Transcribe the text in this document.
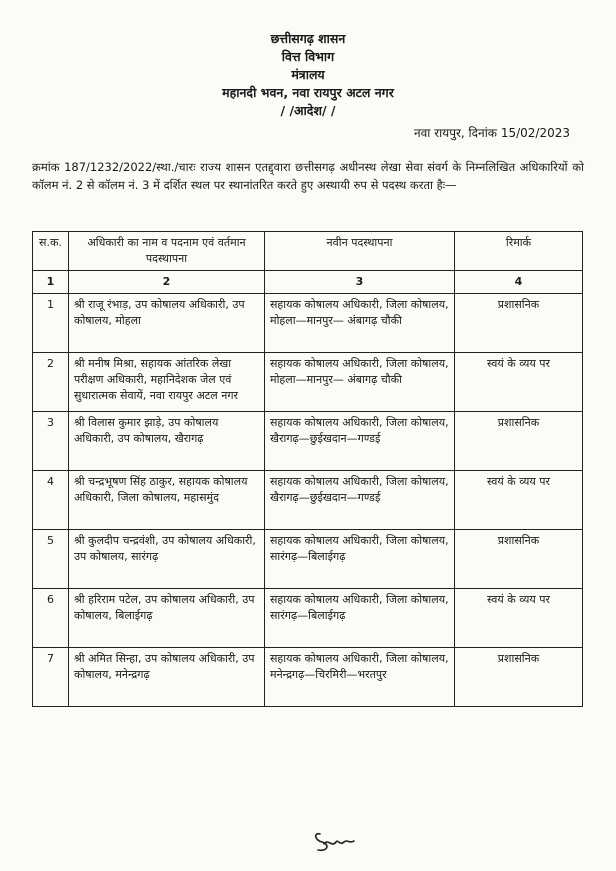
छत्तीसगढ़ शासन
वित्त विभाग
मंत्रालय
महानदी भवन, नवा रायपुर अटल नगर
/ /आदेश/ /
नवा रायपुर, दिनांक 15/02/2023
क्रमांक 187/1232/2022/स्था./चारः राज्य शासन एतद्द्वारा छत्तीसगढ़ अधीनस्थ लेखा सेवा संवर्ग के निम्नलिखित अधिकारियों को कॉलम नं. 2 से कॉलम नं. 3 में दर्शित स्थल पर स्थानांतरित करते हुए अस्थायी रुप से पदस्थ करता हैः—
स.क.	अधिकारी का नाम व पदनाम एवं वर्तमान पदस्थापना	नवीन पदस्थापना	रिमार्क
1	2	3	4
1	श्री राजू रंभाड़, उप कोषालय अधिकारी, उप कोषालय, मोहला	सहायक कोषालय अधिकारी, जिला कोषालय, मोहला—मानपुर— अंबागढ़ चौकी	प्रशासनिक
2	श्री मनीष मिश्रा, सहायक आंतरिक लेखा परीक्षण अधिकारी, महानिदेशक जेल एवं सुधारात्मक सेवायें, नवा रायपुर अटल नगर	सहायक कोषालय अधिकारी, जिला कोषालय, मोहला—मानपुर— अंबागढ़ चौकी	स्वयं के व्यय पर
3	श्री विलास कुमार झाड़े, उप कोषालय अधिकारी, उप कोषालय, खैरागढ़	सहायक कोषालय अधिकारी, जिला कोषालय, खैरागढ़—छुईखदान—गण्डई	प्रशासनिक
4	श्री चन्द्रभूषण सिंह ठाकुर, सहायक कोषालय अधिकारी, जिला कोषालय, महासमुंद	सहायक कोषालय अधिकारी, जिला कोषालय, खैरागढ़—छुईखदान—गण्डई	स्वयं के व्यय पर
5	श्री कुलदीप चन्द्रवंशी, उप कोषालय अधिकारी, उप कोषालय, सारंगढ़	सहायक कोषालय अधिकारी, जिला कोषालय, सारंगढ़—बिलाईगढ़	प्रशासनिक
6	श्री हरिराम पटेल, उप कोषालय अधिकारी, उप कोषालय, बिलाईगढ़	सहायक कोषालय अधिकारी, जिला कोषालय, सारंगढ़—बिलाईगढ़	स्वयं के व्यय पर
7	श्री अमित सिन्हा, उप कोषालय अधिकारी, उप कोषालय, मनेन्द्रगढ़	सहायक कोषालय अधिकारी, जिला कोषालय, मनेन्द्रगढ़—चिरमिरी—भरतपुर	प्रशासनिक
